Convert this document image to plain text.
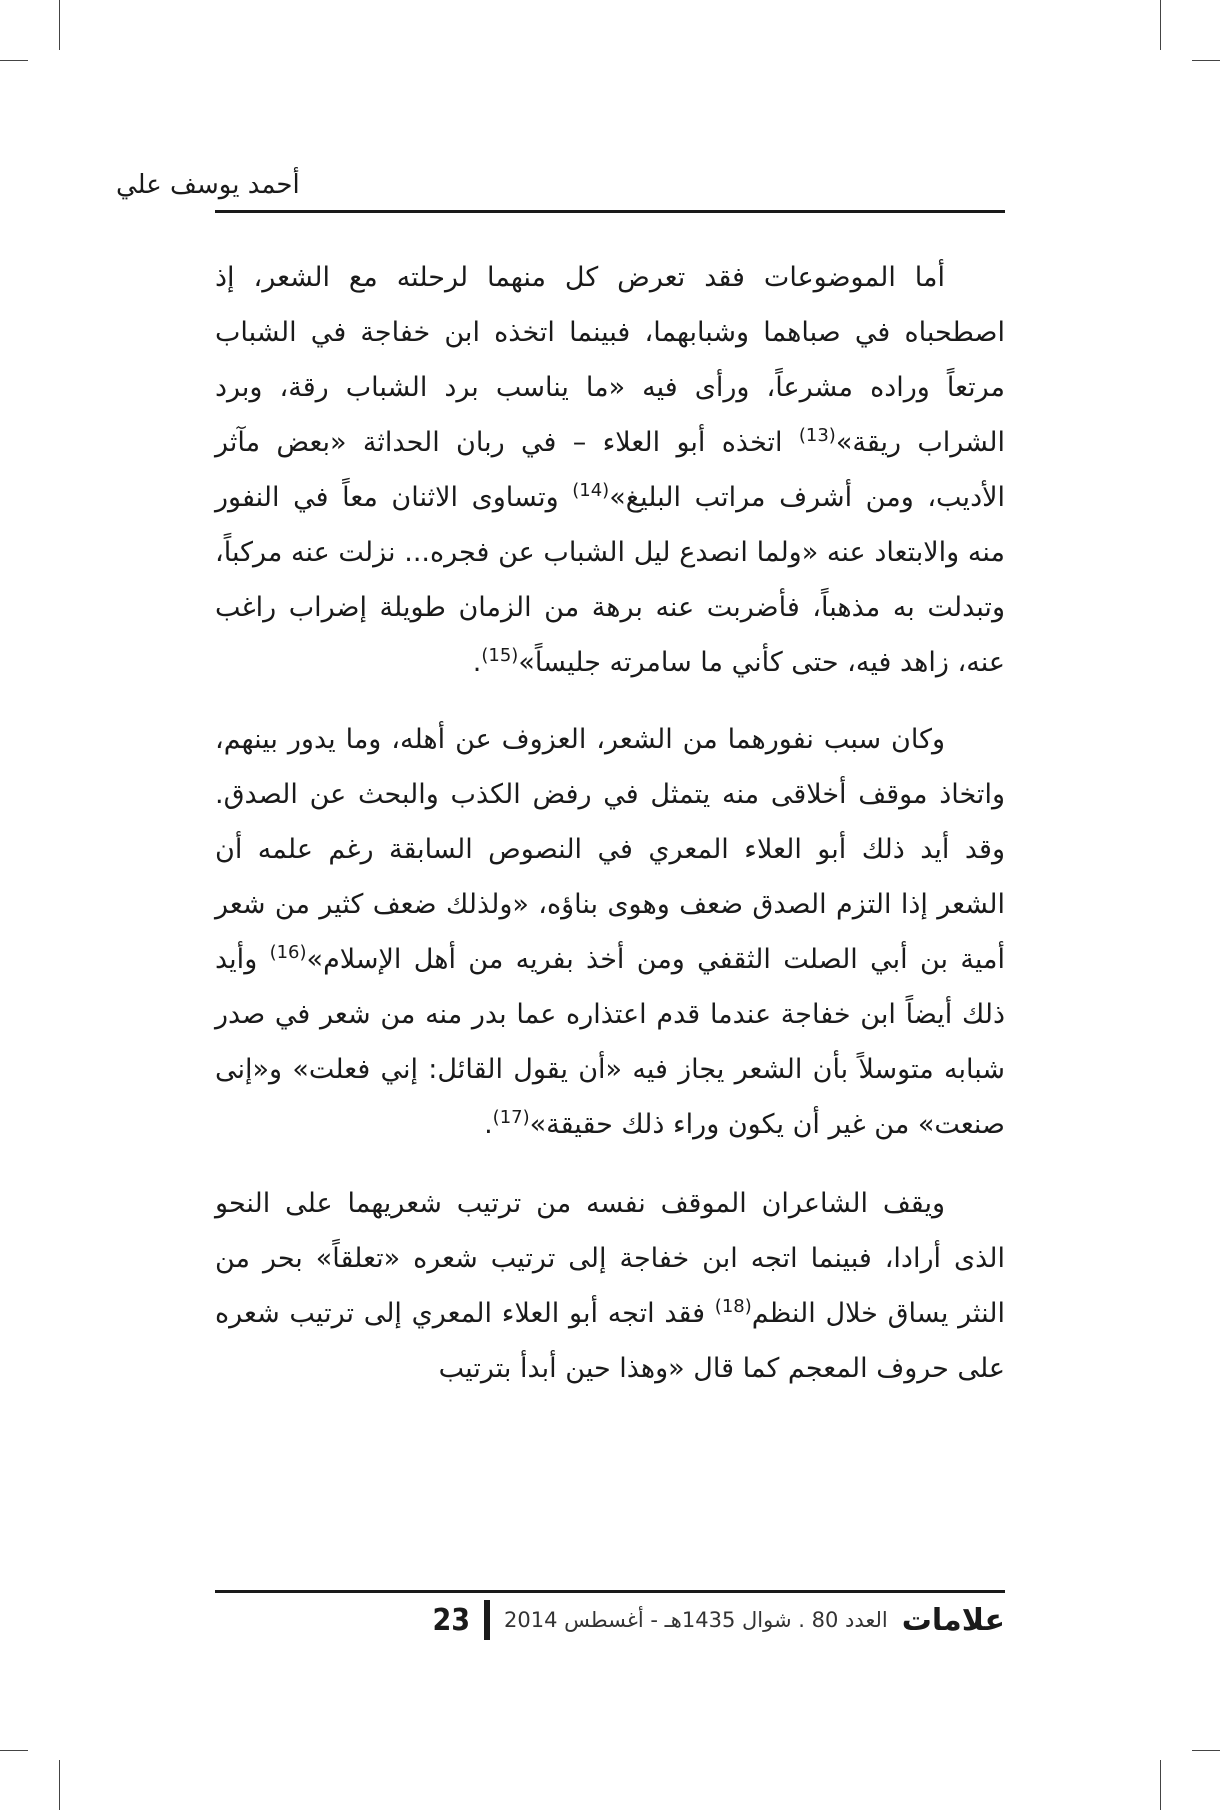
أحمد يوسف علي

أما الموضوعات فقد تعرض كل منهما لرحلته مع الشعر، إذ اصطحباه في صباهما وشبابهما، فبينما اتخذه ابن خفاجة في الشباب مرتعاً وراده مشرعاً، ورأى فيه «ما يناسب برد الشباب رقة، وبرد الشراب ريقة»$^{(13)}$ اتخذه أبو العلاء – في ربان الحداثة «بعض مآثر الأديب، ومن أشرف مراتب البليغ»$^{(14)}$ وتساوى الاثنان معاً في النفور منه والابتعاد عنه «ولما انصدع ليل الشباب عن فجره... نزلت عنه مركباً، وتبدلت به مذهباً، فأضربت عنه برهة من الزمان طويلة إضراب راغب عنه، زاهد فيه، حتى كأني ما سامرته جليساً»$^{(15)}$.

وكان سبب نفورهما من الشعر، العزوف عن أهله، وما يدور بينهم، واتخاذ موقف أخلاقى منه يتمثل في رفض الكذب والبحث عن الصدق. وقد أيد ذلك أبو العلاء المعري في النصوص السابقة رغم علمه أن الشعر إذا التزم الصدق ضعف وهوى بناؤه، «ولذلك ضعف كثير من شعر أمية بن أبي الصلت الثقفي ومن أخذ بفريه من أهل الإسلام»$^{(16)}$ وأيد ذلك أيضاً ابن خفاجة عندما قدم اعتذاره عما بدر منه من شعر في صدر شبابه متوسلاً بأن الشعر يجاز فيه «أن يقول القائل: إني فعلت» و«إنى صنعت» من غير أن يكون وراء ذلك حقيقة»$^{(17)}$.

ويقف الشاعران الموقف نفسه من ترتيب شعريهما على النحو الذى أرادا، فبينما اتجه ابن خفاجة إلى ترتيب شعره «تعلقاً» بحر من النثر يساق خلال النظم$^{(18)}$ فقد اتجه أبو العلاء المعري إلى ترتيب شعره على حروف المعجم كما قال «وهذا حين أبدأ بترتيب

علامات
العدد 80 . شوال 1435هـ - أغسطس 2014
23
